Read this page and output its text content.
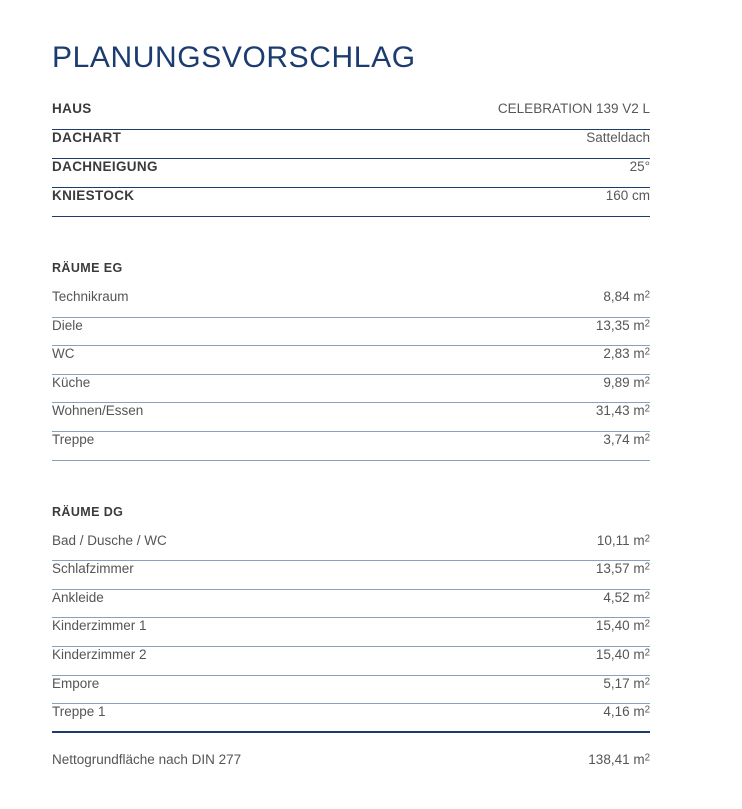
PLANUNGSVORSCHLAG
HAUS	CELEBRATION 139 V2 L
DACHART	Satteldach
DACHNEIGUNG	25°
KNIESTOCK	160 cm
RÄUME EG
Technikraum	8,84 $m^2$
Diele	13,35 $m^2$
WC	2,83 $m^2$
Küche	9,89 $m^2$
Wohnen/Essen	31,43 $m^2$
Treppe	3,74 $m^2$
RÄUME DG
Bad / Dusche / WC	10,11 $m^2$
Schlafzimmer	13,57 $m^2$
Ankleide	4,52 $m^2$
Kinderzimmer 1	15,40 $m^2$
Kinderzimmer 2	15,40 $m^2$
Empore	5,17 $m^2$
Treppe 1	4,16 $m^2$
Nettogrundfläche nach DIN 277	138,41 $m^2$
